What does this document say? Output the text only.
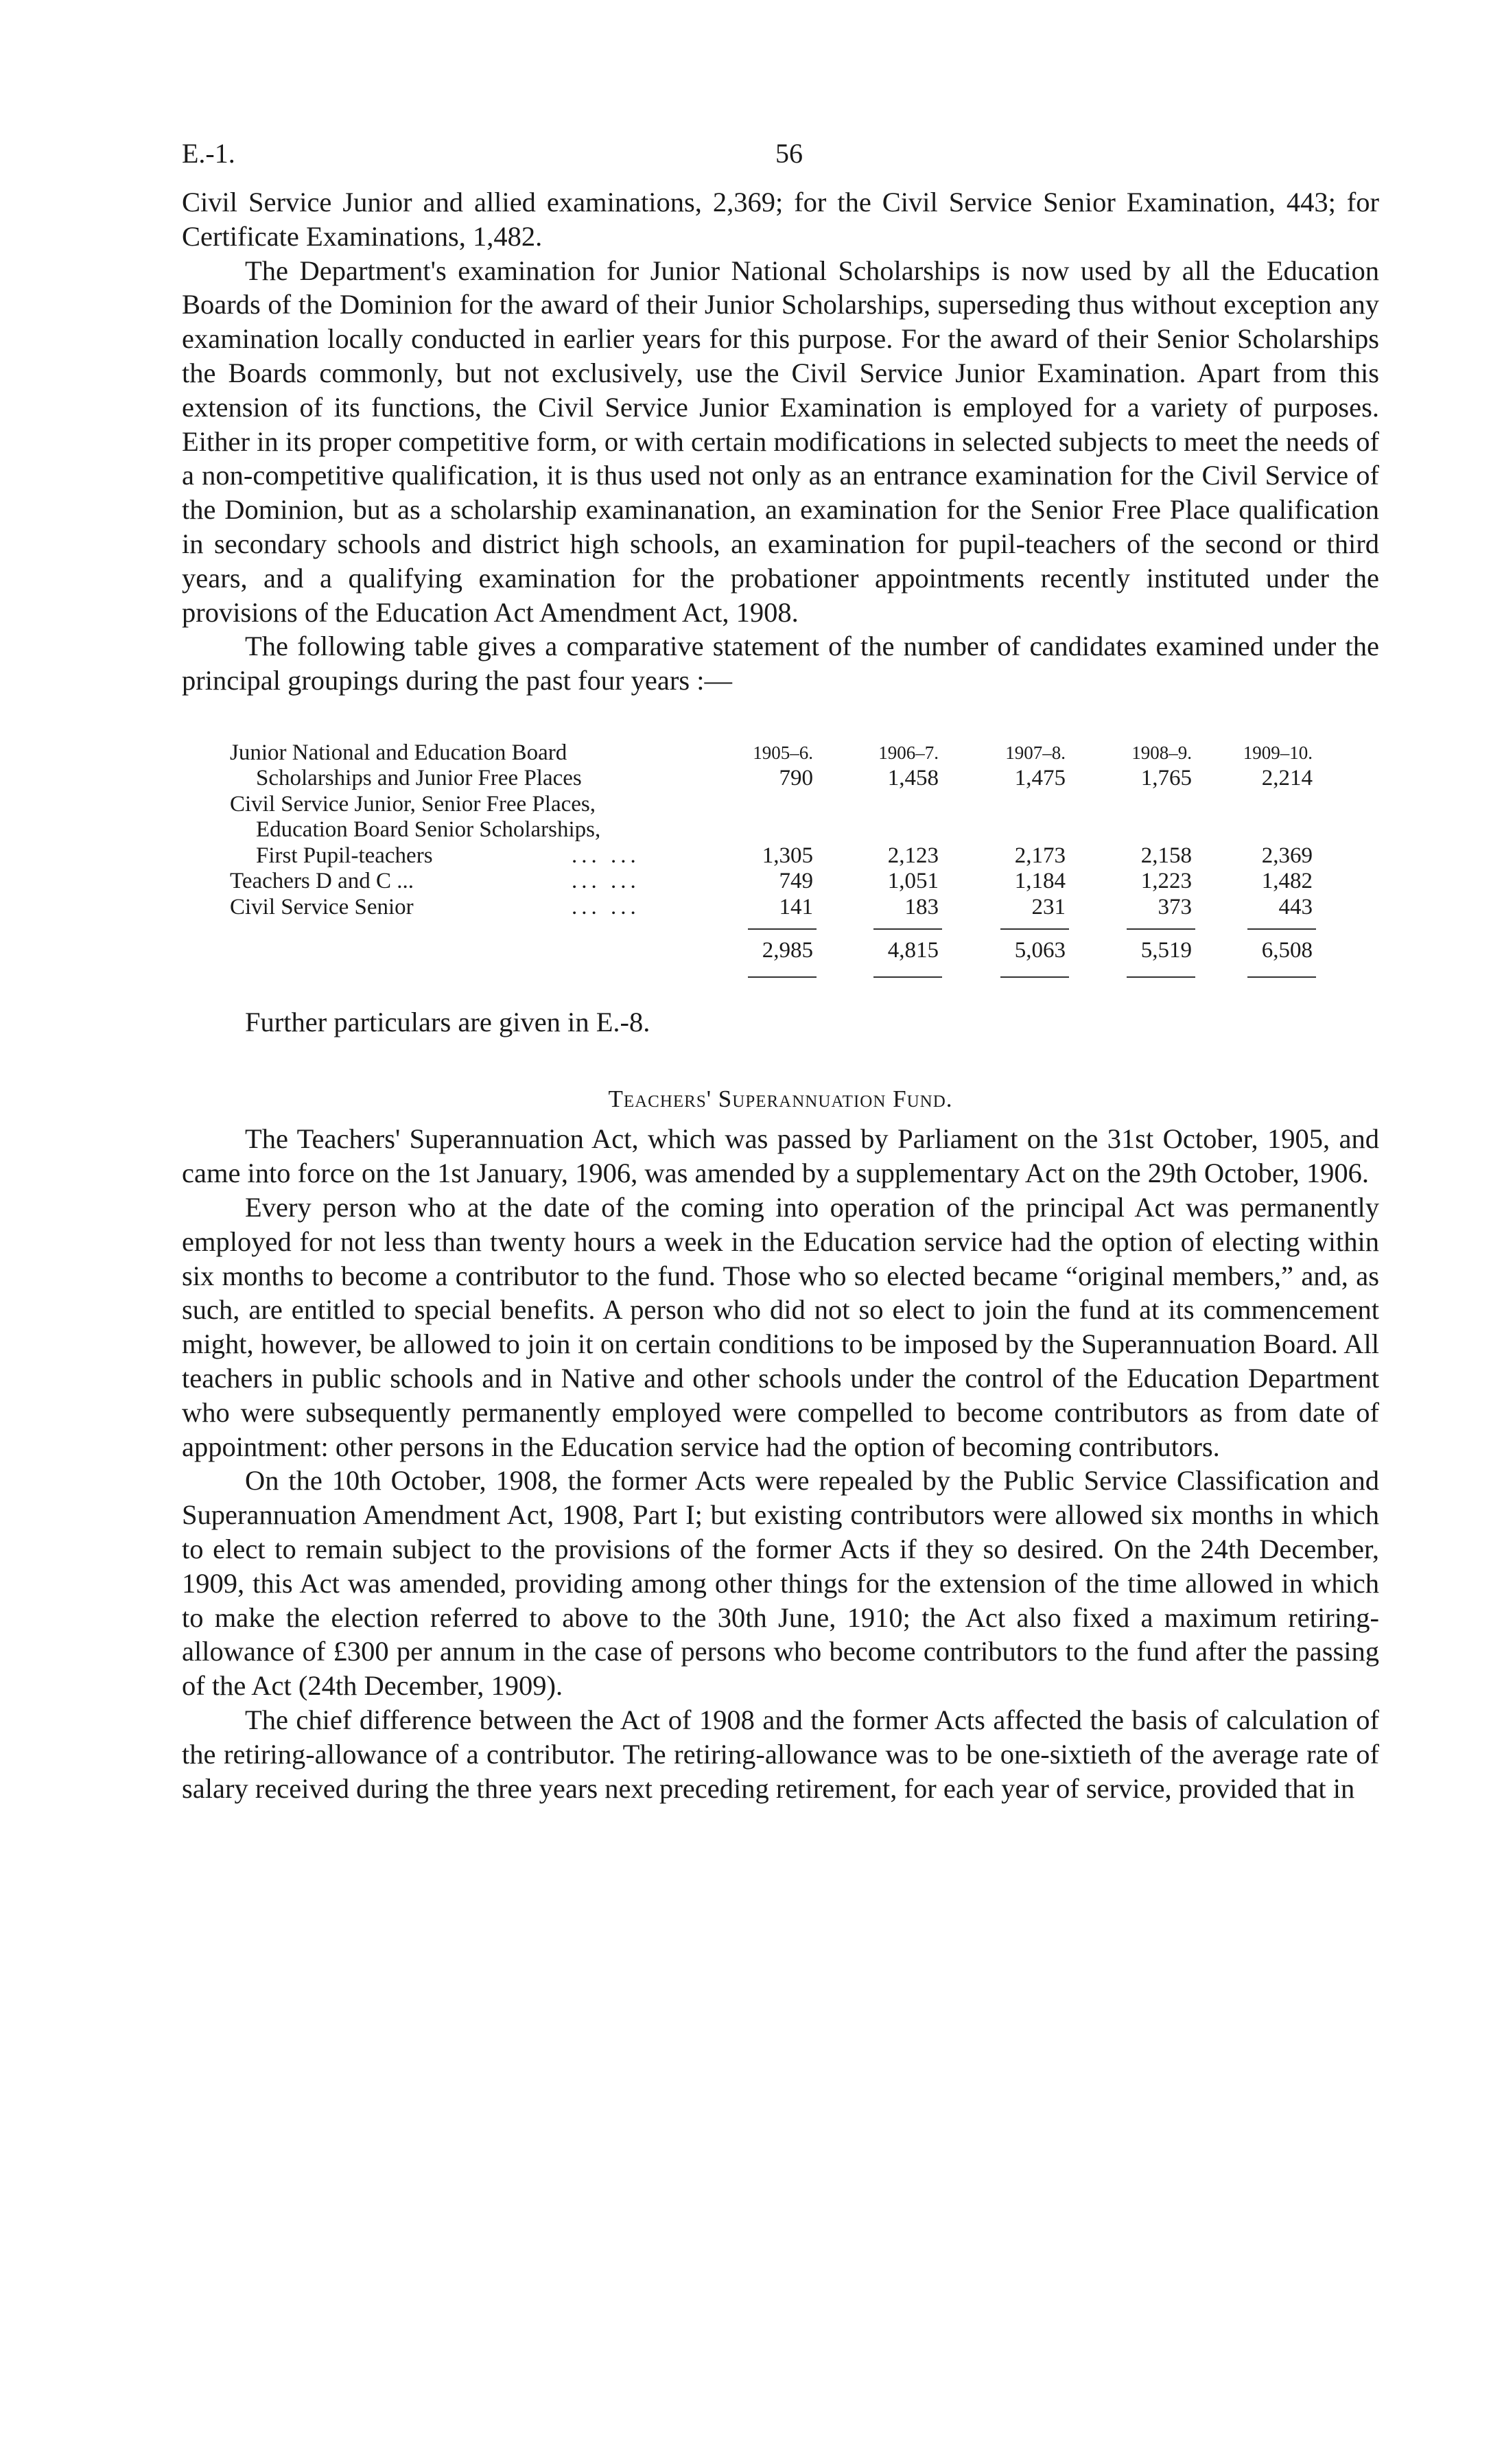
E.-1.	56

Civil Service Junior and allied examinations, 2,369; for the Civil Service Senior Examination, 443; for Certificate Examinations, 1,482.

The Department's examination for Junior National Scholarships is now used by all the Education Boards of the Dominion for the award of their Junior Scholarships, superseding thus without exception any examination locally conducted in earlier years for this purpose. For the award of their Senior Scholarships the Boards commonly, but not exclusively, use the Civil Service Junior Examination. Apart from this extension of its functions, the Civil Service Junior Examination is employed for a variety of purposes. Either in its proper competitive form, or with certain modifications in selected subjects to meet the needs of a non-competitive qualification, it is thus used not only as an entrance examination for the Civil Service of the Dominion, but as a scholarship examinanation, an examination for the Senior Free Place qualification in secondary schools and district high schools, an examination for pupil-teachers of the second or third years, and a qualifying examination for the probationer appointments recently instituted under the provisions of the Education Act Amendment Act, 1908.

The following table gives a comparative statement of the number of candidates examined under the principal groupings during the past four years :—

Junior National and Education Board	1905–6.	1906–7.	1907–8.	1908–9.	1909–10.
Scholarships and Junior Free Places	790	1,458	1,475	1,765	2,214
Civil Service Junior, Senior Free Places,
Education Board Senior Scholarships,
First Pupil-teachers	... ...	1,305	2,123	2,173	2,158	2,369
Teachers D and C ...	... ...	749	1,051	1,184	1,223	1,482
Civil Service Senior	... ...	141	183	231	373	443
2,985	4,815	5,063	5,519	6,508
Further particulars are given in E.-8.
Teachers' Superannuation Fund.

The Teachers' Superannuation Act, which was passed by Parliament on the 31st October, 1905, and came into force on the 1st January, 1906, was amended by a supplementary Act on the 29th October, 1906.

Every person who at the date of the coming into operation of the principal Act was permanently employed for not less than twenty hours a week in the Education service had the option of electing within six months to become a contributor to the fund. Those who so elected became “original members,” and, as such, are entitled to special benefits. A person who did not so elect to join the fund at its commencement might, however, be allowed to join it on certain conditions to be imposed by the Superannuation Board. All teachers in public schools and in Native and other schools under the control of the Education Department who were subsequently permanently employed were compelled to become contributors as from date of appointment: other persons in the Education service had the option of becoming contributors.

On the 10th October, 1908, the former Acts were repealed by the Public Service Classification and Superannuation Amendment Act, 1908, Part I; but existing contributors were allowed six months in which to elect to remain subject to the provisions of the former Acts if they so desired. On the 24th December, 1909, this Act was amended, providing among other things for the extension of the time allowed in which to make the election referred to above to the 30th June, 1910; the Act also fixed a maximum retiring-allowance of £300 per annum in the case of persons who become contributors to the fund after the passing of the Act (24th December, 1909).

The chief difference between the Act of 1908 and the former Acts affected the basis of calculation of the retiring-allowance of a contributor. The retiring-allowance was to be one-sixtieth of the average rate of salary received during the three years next preceding retirement, for each year of service, provided that in
